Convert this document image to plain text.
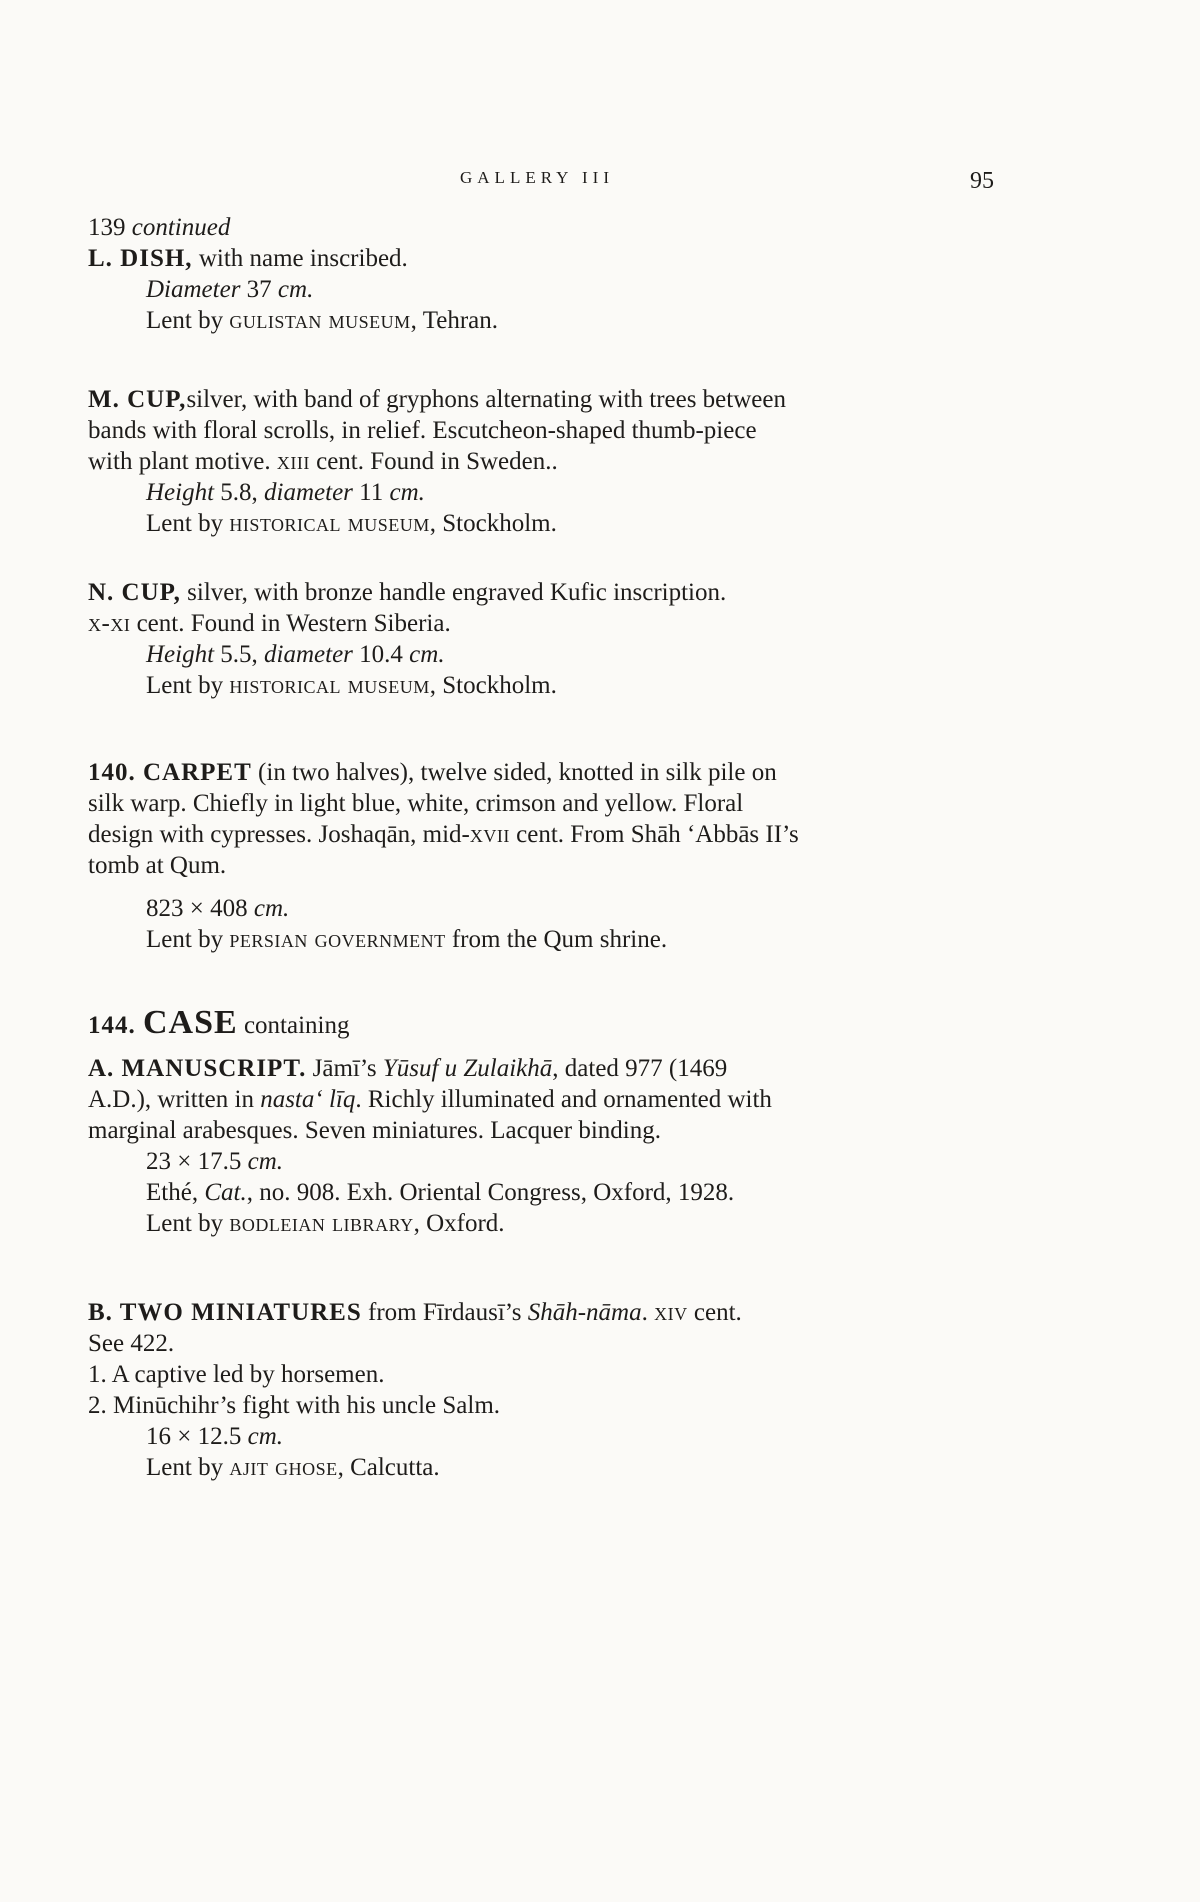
GALLERY III	95
139 continued
L. DISH, with name inscribed.
Diameter 37 cm.
Lent by gulistan museum, Tehran.
M. CUP,silver, with band of gryphons alternating with trees between
bands with floral scrolls, in relief. Escutcheon-shaped thumb-piece
with plant motive. xiii cent. Found in Sweden..
Height 5.8, diameter 11 cm.
Lent by historical museum, Stockholm.
N. CUP, silver, with bronze handle engraved Kufic inscription.
x-xi cent. Found in Western Siberia.
Height 5.5, diameter 10.4 cm.
Lent by historical museum, Stockholm.
140. CARPET (in two halves), twelve sided, knotted in silk pile on
silk warp. Chiefly in light blue, white, crimson and yellow. Floral
design with cypresses. Joshaqān, mid-xvii cent. From Shāh ‘Abbās II’s
tomb at Qum.
823 × 408 cm.
Lent by persian government from the Qum shrine.
144. CASE containing
A. MANUSCRIPT. Jāmī’s Yūsuf u Zulaikhā, dated 977 (1469
A.D.), written in nasta‘ līq. Richly illuminated and ornamented with
marginal arabesques. Seven miniatures. Lacquer binding.
23 × 17.5 cm.
Ethé, Cat., no. 908. Exh. Oriental Congress, Oxford, 1928.
Lent by bodleian library, Oxford.
B. TWO MINIATURES from Fīrdausī’s Shāh-nāma. xiv cent.
See 422.
1. A captive led by horsemen.
2. Minūchihr’s fight with his uncle Salm.
16 × 12.5 cm.
Lent by ajit ghose, Calcutta.
